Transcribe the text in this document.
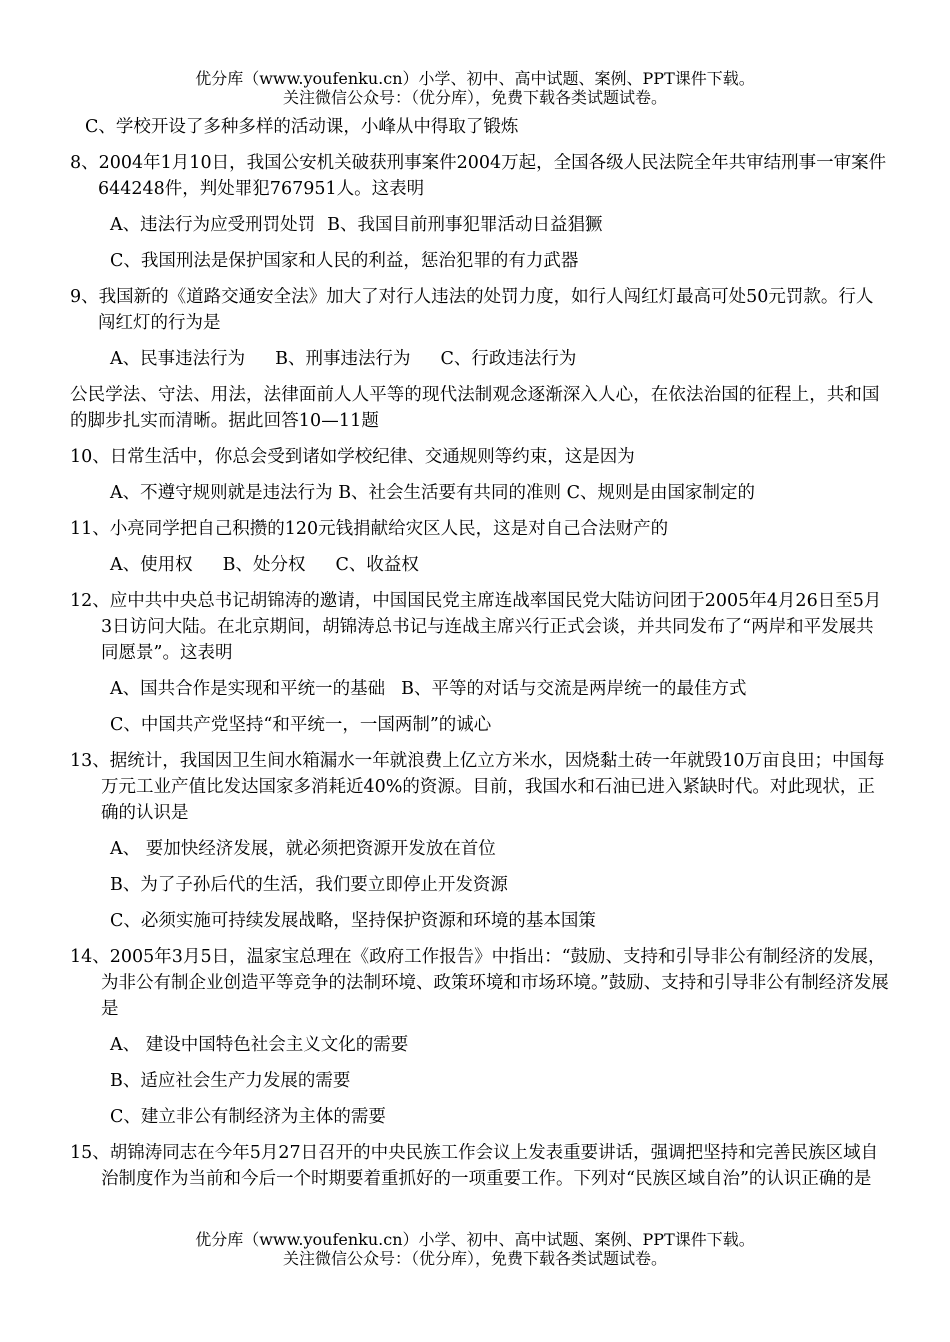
优分库（www.youfenku.cn）小学、初中、高中试题、案例、PPT课件下载。
关注微信公众号：（优分库），免费下载各类试题试卷。
C、学校开设了多种多样的活动课，小峰从中得取了锻炼
8、2004年1月10日，我国公安机关破获刑事案件2004万起，全国各级人民法院全年共审结刑事一审案件644248件，判处罪犯767951人。这表明
A、违法行为应受刑罚处罚 B、我国目前刑事犯罪活动日益猖獗
C、我国刑法是保护国家和人民的利益，惩治犯罪的有力武器
9、我国新的《道路交通安全法》加大了对行人违法的处罚力度，如行人闯红灯最高可处50元罚款。行人闯红灯的行为是
A、民事违法行为 B、刑事违法行为 C、行政违法行为
公民学法、守法、用法，法律面前人人平等的现代法制观念逐渐深入人心，在依法治国的征程上，共和国的脚步扎实而清晰。据此回答10—11题
10、日常生活中，你总会受到诸如学校纪律、交通规则等约束，这是因为
A、不遵守规则就是违法行为 B、社会生活要有共同的准则 C、规则是由国家制定的
11、小亮同学把自己积攒的120元钱捐献给灾区人民，这是对自己合法财产的
A、使用权 B、处分权 C、收益权
12、应中共中央总书记胡锦涛的邀请，中国国民党主席连战率国民党大陆访问团于2005年4月26日至5月3日访问大陆。在北京期间，胡锦涛总书记与连战主席兴行正式会谈，并共同发布了“两岸和平发展共同愿景”。这表明
A、国共合作是实现和平统一的基础 B、平等的对话与交流是两岸统一的最佳方式
C、中国共产党坚持“和平统一，一国两制”的诚心
13、据统计，我国因卫生间水箱漏水一年就浪费上亿立方米水，因烧黏土砖一年就毁10万亩良田；中国每万元工业产值比发达国家多消耗近40%的资源。目前，我国水和石油已进入紧缺时代。对此现状，正确的认识是
A、 要加快经济发展，就必须把资源开发放在首位
B、为了子孙后代的生活，我们要立即停止开发资源
C、必须实施可持续发展战略，坚持保护资源和环境的基本国策
14、2005年3月5日，温家宝总理在《政府工作报告》中指出：“鼓励、支持和引导非公有制经济的发展，为非公有制企业创造平等竞争的法制环境、政策环境和市场环境。”鼓励、支持和引导非公有制经济发展是
A、 建设中国特色社会主义文化的需要
B、适应社会生产力发展的需要
C、建立非公有制经济为主体的需要
15、胡锦涛同志在今年5月27日召开的中央民族工作会议上发表重要讲话，强调把坚持和完善民族区域自治制度作为当前和今后一个时期要着重抓好的一项重要工作。下列对“民族区域自治”的认识正确的是
优分库（www.youfenku.cn）小学、初中、高中试题、案例、PPT课件下载。
关注微信公众号：（优分库），免费下载各类试题试卷。
